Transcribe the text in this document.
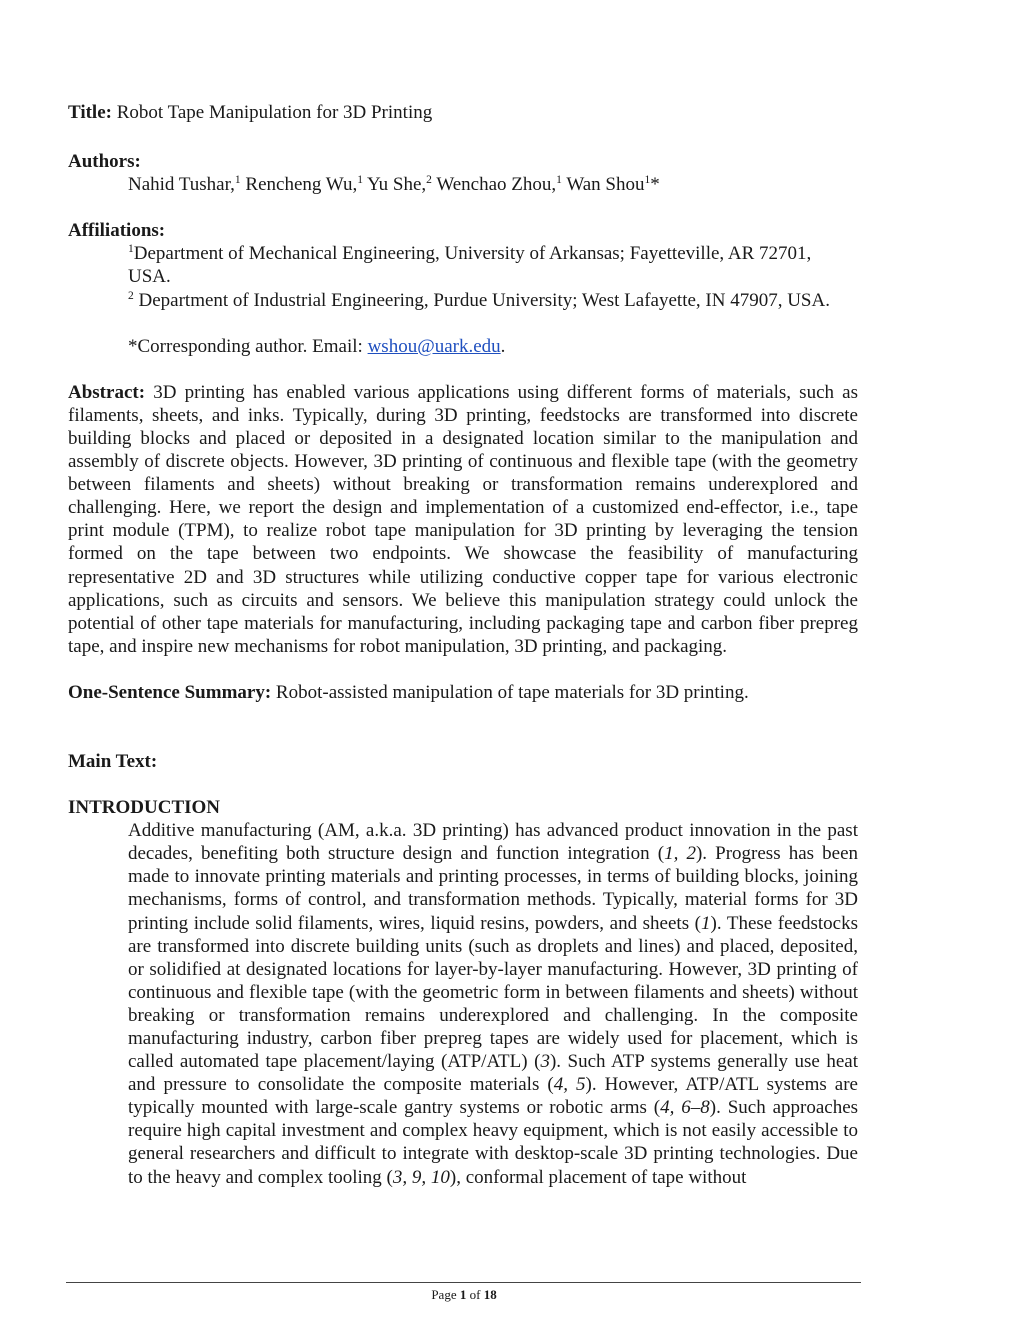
Title: Robot Tape Manipulation for 3D Printing

Authors:

Nahid Tushar,$^1$ Rencheng Wu,$^1$ Yu She,$^2$ Wenchao Zhou,$^1$ Wan Shou$^1$*

Affiliations:

$^1$Department of Mechanical Engineering, University of Arkansas; Fayetteville, AR 72701, USA.

$^2$ Department of Industrial Engineering, Purdue University; West Lafayette, IN 47907, USA.

*Corresponding author. Email: wshou@uark.edu.

Abstract: 3D printing has enabled various applications using different forms of materials, such as filaments, sheets, and inks. Typically, during 3D printing, feedstocks are transformed into discrete building blocks and placed or deposited in a designated location similar to the manipulation and assembly of discrete objects. However, 3D printing of continuous and flexible tape (with the geometry between filaments and sheets) without breaking or transformation remains underexplored and challenging. Here, we report the design and implementation of a customized end-effector, i.e., tape print module (TPM), to realize robot tape manipulation for 3D printing by leveraging the tension formed on the tape between two endpoints. We showcase the feasibility of manufacturing representative 2D and 3D structures while utilizing conductive copper tape for various electronic applications, such as circuits and sensors. We believe this manipulation strategy could unlock the potential of other tape materials for manufacturing, including packaging tape and carbon fiber prepreg tape, and inspire new mechanisms for robot manipulation, 3D printing, and packaging.

One-Sentence Summary: Robot-assisted manipulation of tape materials for 3D printing.

Main Text:

INTRODUCTION

Additive manufacturing (AM, a.k.a. 3D printing) has advanced product innovation in the past decades, benefiting both structure design and function integration (1, 2). Progress has been made to innovate printing materials and printing processes, in terms of building blocks, joining mechanisms, forms of control, and transformation methods. Typically, material forms for 3D printing include solid filaments, wires, liquid resins, powders, and sheets (1). These feedstocks are transformed into discrete building units (such as droplets and lines) and placed, deposited, or solidified at designated locations for layer-by-layer manufacturing. However, 3D printing of continuous and flexible tape (with the geometric form in between filaments and sheets) without breaking or transformation remains underexplored and challenging. In the composite manufacturing industry, carbon fiber prepreg tapes are widely used for placement, which is called automated tape placement/laying (ATP/ATL) (3). Such ATP systems generally use heat and pressure to consolidate the composite materials (4, 5). However, ATP/ATL systems are typically mounted with large-scale gantry systems or robotic arms (4, 6–8). Such approaches require high capital investment and complex heavy equipment, which is not easily accessible to general researchers and difficult to integrate with desktop-scale 3D printing technologies. Due to the heavy and complex tooling (3, 9, 10), conformal placement of tape without

Page 1 of 18
